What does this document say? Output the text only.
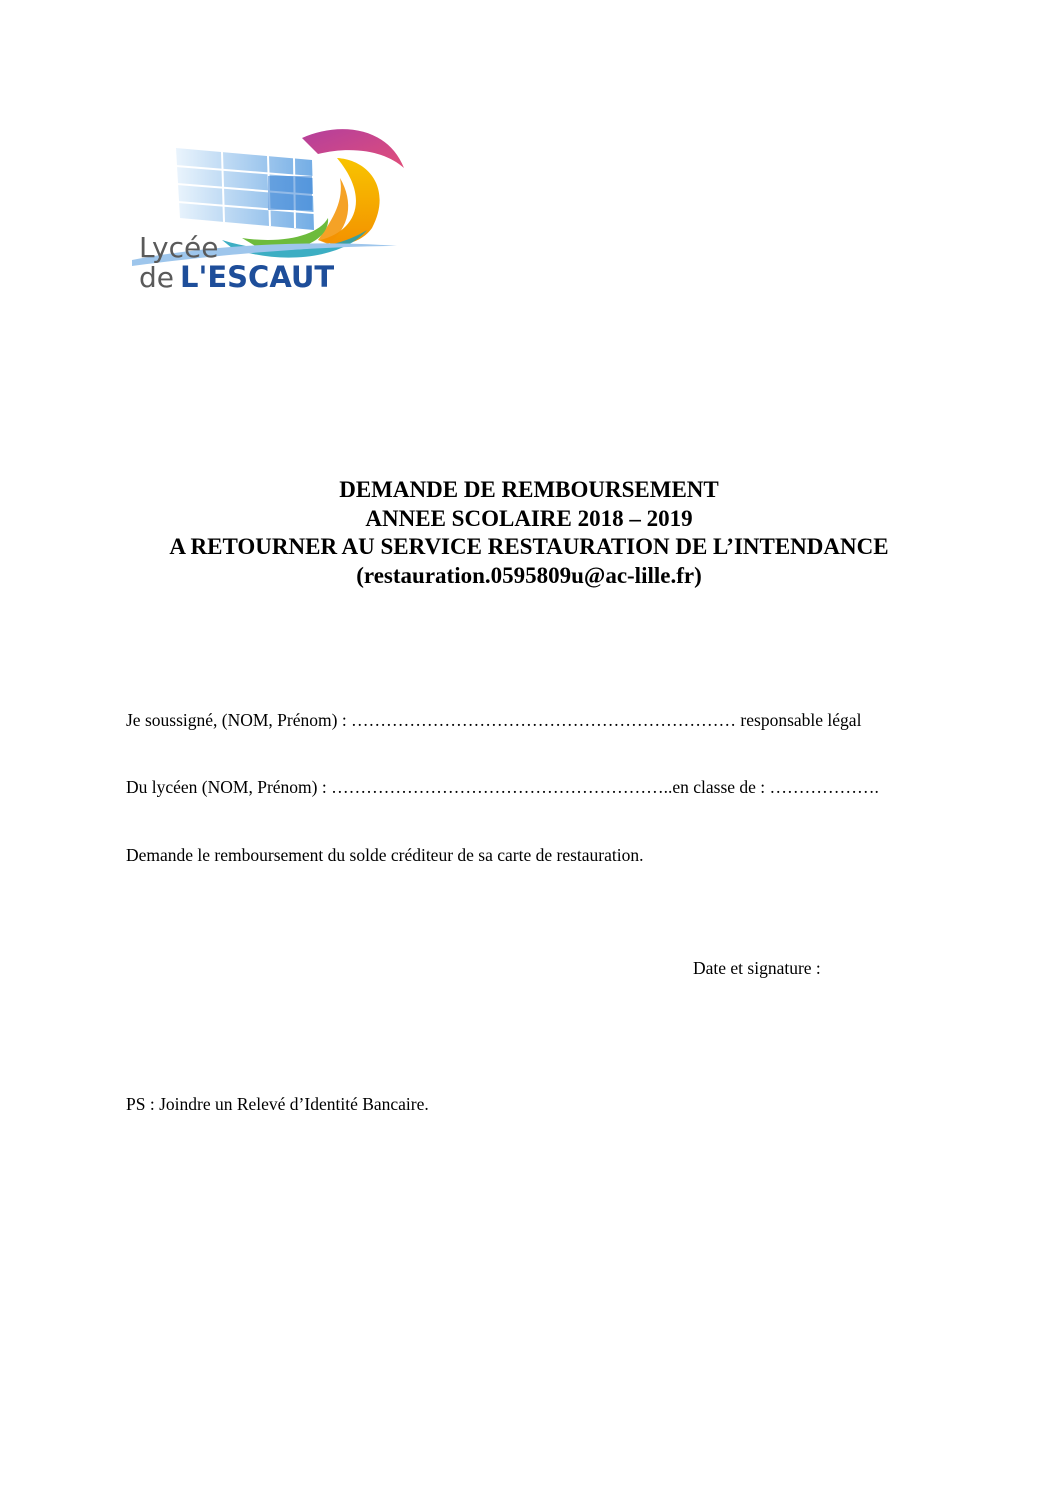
Lycée
de L'ESCAUT
DEMANDE DE REMBOURSEMENT
ANNEE SCOLAIRE 2018 – 2019
A RETOURNER AU SERVICE RESTAURATION DE L’INTENDANCE
(restauration.0595809u@ac-lille.fr)
Je soussigné, (NOM, Prénom) : ………………………………………………………… responsable légal
Du lycéen (NOM, Prénom) : …………………………………………………..en classe de : ……………….
Demande le remboursement du solde créditeur de sa carte de restauration.
Date et signature :
PS : Joindre un Relevé d’Identité Bancaire.
